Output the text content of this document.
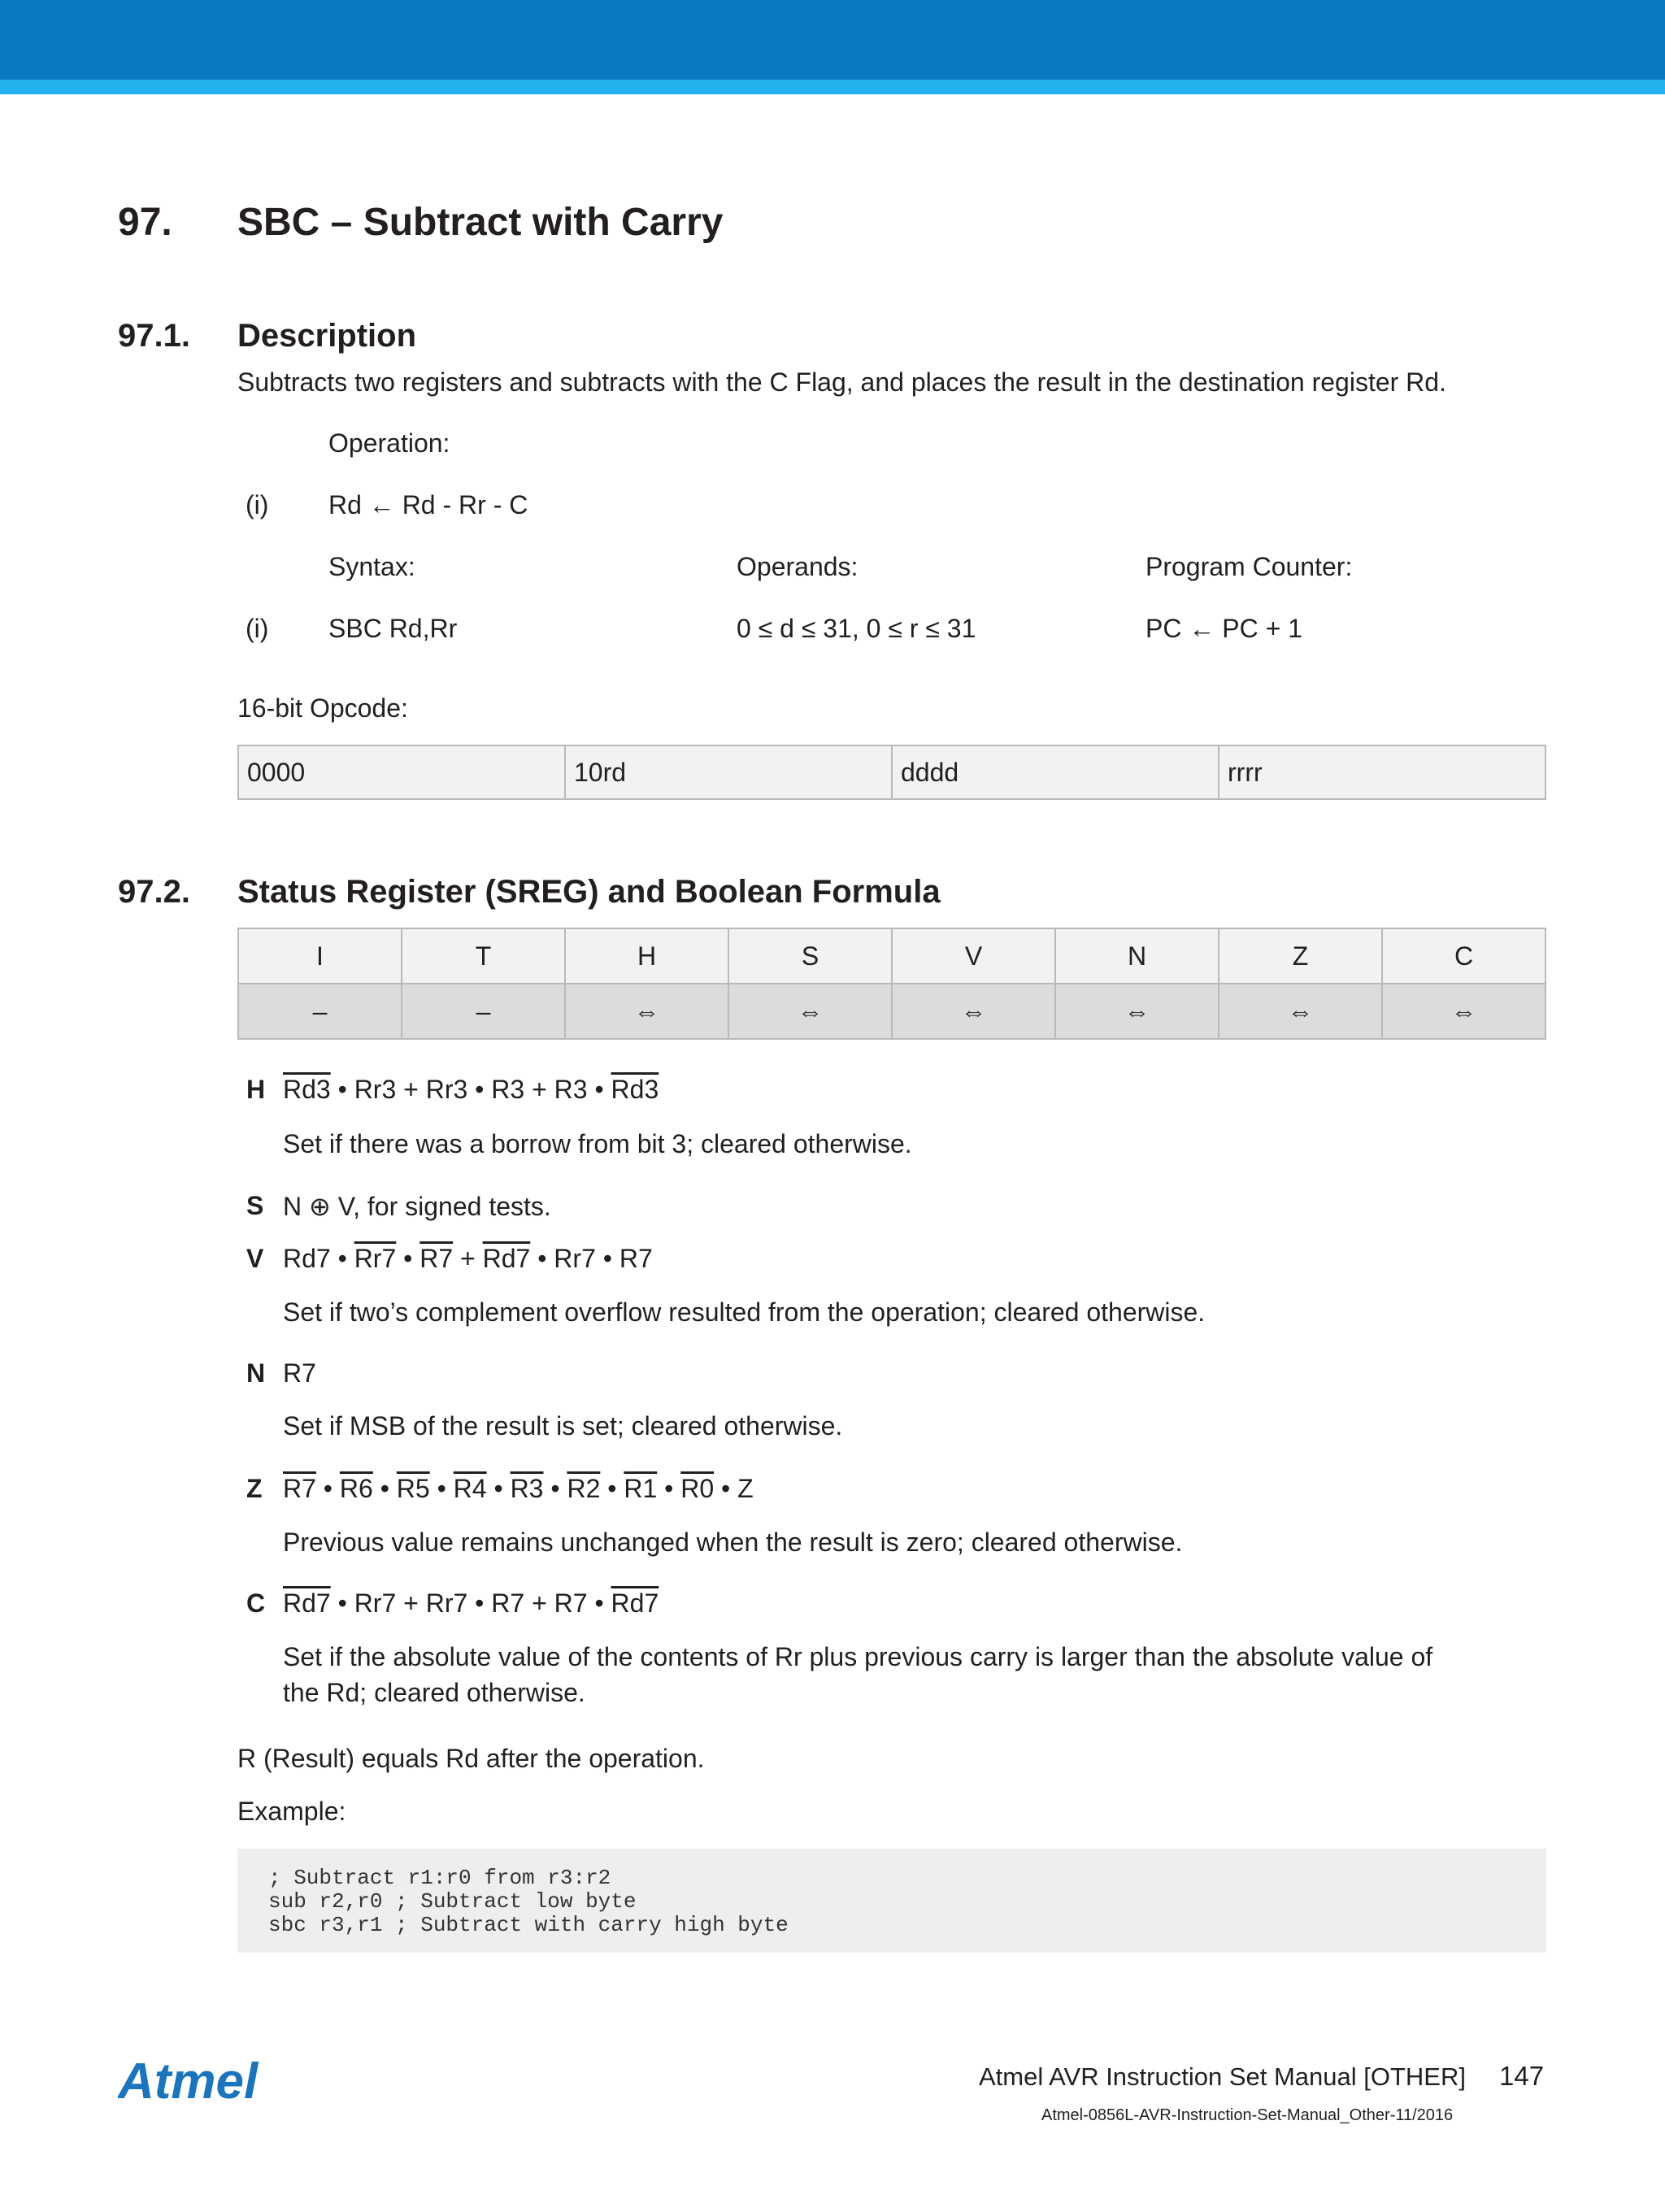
97. SBC – Subtract with Carry
97.1. Description
Subtracts two registers and subtracts with the C Flag, and places the result in the destination register Rd.
Operation:
(i) Rd ← Rd - Rr - C
Syntax:	Operands:	Program Counter:
(i) SBC Rd,Rr	0 ≤ d ≤ 31, 0 ≤ r ≤ 31	PC ← PC + 1
16-bit Opcode:
0000	10rd	dddd	rrrr
97.2. Status Register (SREG) and Boolean Formula
I	T	H	S	V	N	Z	C
–	–	⇔	⇔	⇔	⇔	⇔	⇔
H Rd3 • Rr3 + Rr3 • R3 + R3 • Rd3
Set if there was a borrow from bit 3; cleared otherwise.
S N ⊕ V, for signed tests.
V Rd7 • Rr7 • R7 + Rd7 • Rr7 • R7
Set if two’s complement overflow resulted from the operation; cleared otherwise.
N R7
Set if MSB of the result is set; cleared otherwise.
Z R7 • R6 • R5 • R4 • R3 • R2 • R1 • R0 • Z
Previous value remains unchanged when the result is zero; cleared otherwise.
C Rd7 • Rr7 + Rr7 • R7 + R7 • Rd7
Set if the absolute value of the contents of Rr plus previous carry is larger than the absolute value of
the Rd; cleared otherwise.
R (Result) equals Rd after the operation.
Example:
; Subtract r1:r0 from r3:r2
sub r2,r0 ; Subtract low byte
sbc r3,r1 ; Subtract with carry high byte
Atmel	Atmel AVR Instruction Set Manual [OTHER] 147
Atmel-0856L-AVR-Instruction-Set-Manual_Other-11/2016
